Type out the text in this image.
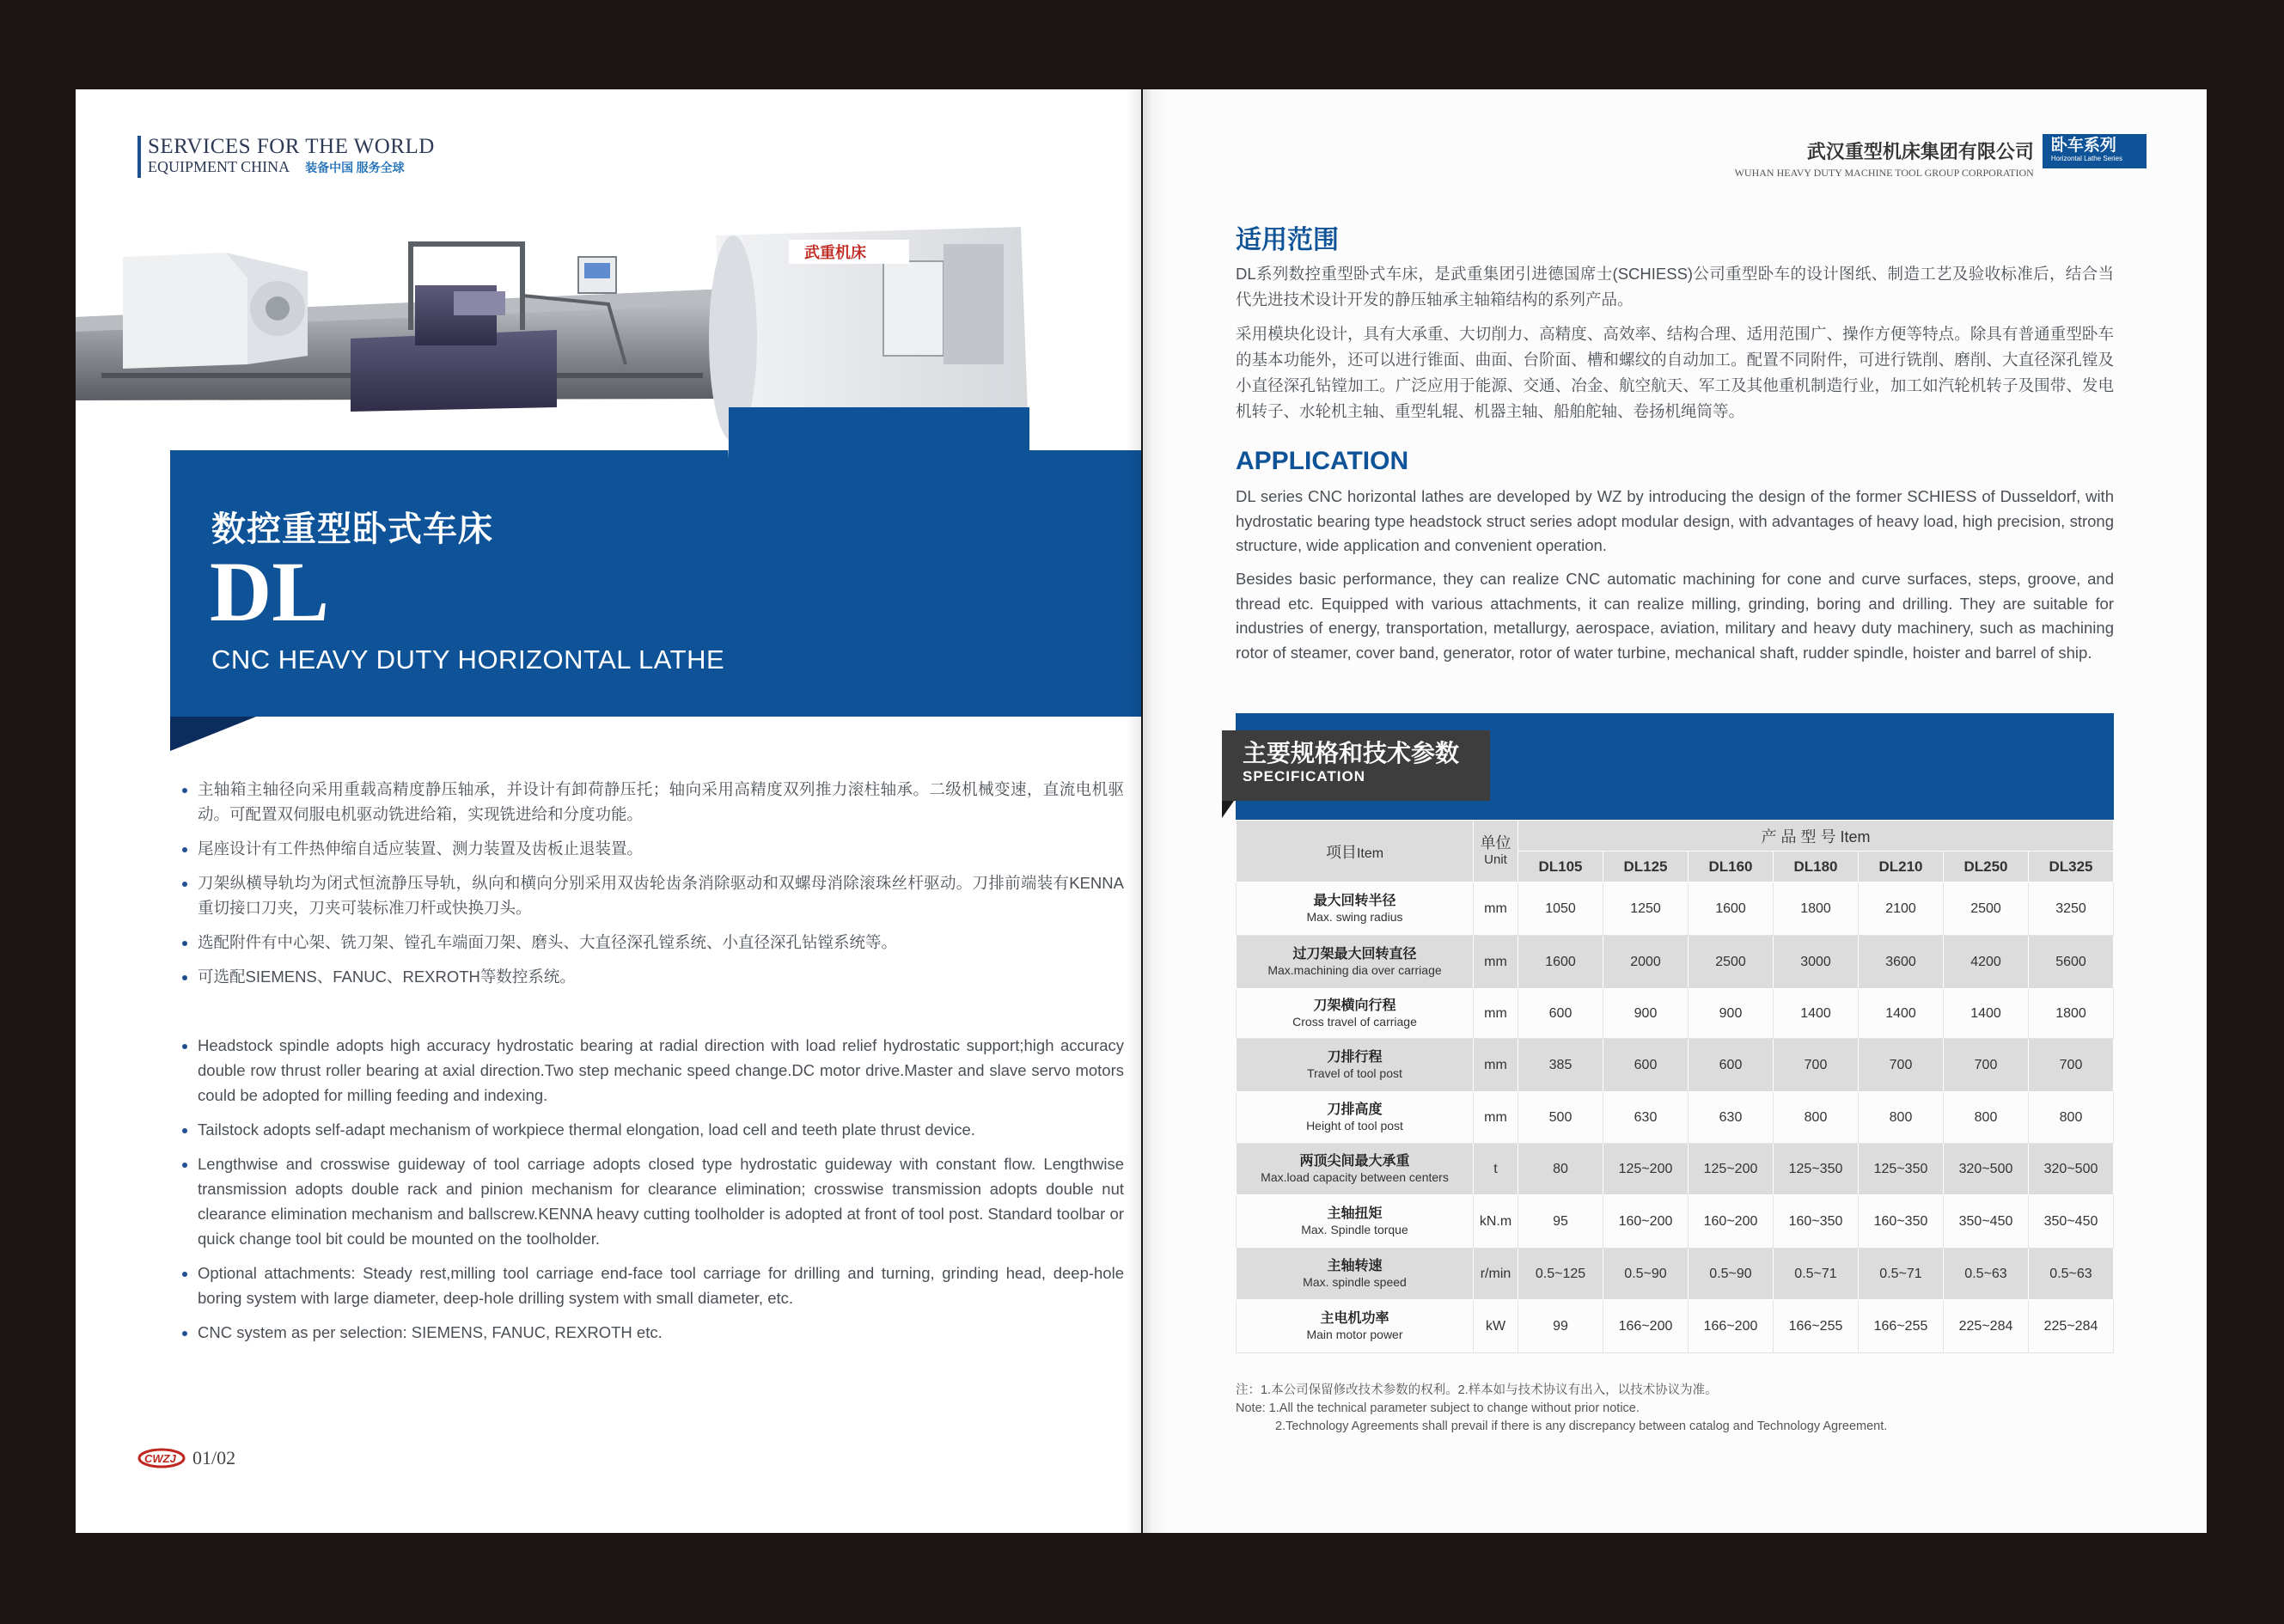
SERVICES FOR THE WORLD
EQUIPMENT CHINA 装备中国 服务全球
武重机床
数控重型卧式车床
DL
CNC HEAVY DUTY HORIZONTAL LATHE
• 主轴箱主轴径向采用重载高精度静压轴承，并设计有卸荷静压托；轴向采用高精度双列推力滚柱轴承。二级机械变速，直流电机驱动。可配置双伺服电机驱动铣进给箱，实现铣进给和分度功能。
• 尾座设计有工件热伸缩自适应装置、测力装置及齿板止退装置。
• 刀架纵横导轨均为闭式恒流静压导轨，纵向和横向分别采用双齿轮齿条消除驱动和双螺母消除滚珠丝杆驱动。刀排前端装有KENNA重切接口刀夹，刀夹可装标准刀杆或快换刀头。
• 选配附件有中心架、铣刀架、镗孔车端面刀架、磨头、大直径深孔镗系统、小直径深孔钻镗系统等。
• 可选配SIEMENS、FANUC、REXROTH等数控系统。
• Headstock spindle adopts high accuracy hydrostatic bearing at radial direction with load relief hydrostatic support;high accuracy double row thrust roller bearing at axial direction.Two step mechanic speed change.DC motor drive.Master and slave servo motors could be adopted for milling feeding and indexing.
• Tailstock adopts self-adapt mechanism of workpiece thermal elongation, load cell and teeth plate thrust device.
• Lengthwise and crosswise guideway of tool carriage adopts closed type hydrostatic guideway with constant flow. Lengthwise transmission adopts double rack and pinion mechanism for clearance elimination; crosswise transmission adopts double nut clearance elimination mechanism and ballscrew.KENNA heavy cutting toolholder is adopted at front of tool post. Standard toolbar or quick change tool bit could be mounted on the toolholder.
• Optional attachments: Steady rest,milling tool carriage end-face tool carriage for drilling and turning, grinding head, deep-hole boring system with large diameter, deep-hole drilling system with small diameter, etc.
• CNC system as per selection: SIEMENS, FANUC, REXROTH etc.
CWZJ 01/02
武汉重型机床集团有限公司
WUHAN HEAVY DUTY MACHINE TOOL GROUP CORPORATION
卧车系列
Horizontal Lathe Series
适用范围
DL系列数控重型卧式车床，是武重集团引进德国席士(SCHIESS)公司重型卧车的设计图纸、制造工艺及验收标准后，结合当代先进技术设计开发的静压轴承主轴箱结构的系列产品。
采用模块化设计，具有大承重、大切削力、高精度、高效率、结构合理、适用范围广、操作方便等特点。除具有普通重型卧车的基本功能外，还可以进行锥面、曲面、台阶面、槽和螺纹的自动加工。配置不同附件，可进行铣削、磨削、大直径深孔镗及小直径深孔钻镗加工。广泛应用于能源、交通、冶金、航空航天、军工及其他重机制造行业，加工如汽轮机转子及围带、发电机转子、水轮机主轴、重型轧辊、机器主轴、船舶舵轴、卷扬机绳筒等。
APPLICATION
DL series CNC horizontal lathes are developed by WZ by introducing the design of the former SCHIESS of Dusseldorf, with hydrostatic bearing type headstock struct series adopt modular design, with advantages of heavy load, high precision, strong structure, wide application and convenient operation.
Besides basic performance, they can realize CNC automatic machining for cone and curve surfaces, steps, groove, and thread etc. Equipped with various attachments, it can realize milling, grinding, boring and drilling. They are suitable for industries of energy, transportation, metallurgy, aerospace, aviation, military and heavy duty machinery, such as machining rotor of steamer, cover band, generator, rotor of water turbine, mechanical shaft, rudder spindle, hoister and barrel of ship.
主要规格和技术参数
SPECIFICATION
项目Item	单位
Unit	产 品 型 号 Item						
		DL105	DL125	DL160	DL180	DL210	DL250	DL325

最大回转半径
Max. swing radius	mm	1050	1250	1600	1800	2100	2500	3250

过刀架最大回转直径
Max.machining dia over carriage	mm	1600	2000	2500	3000	3600	4200	5600

刀架横向行程
Cross travel of carriage	mm	600	900	900	1400	1400	1400	1800

刀排行程
Travel of tool post	mm	385	600	600	700	700	700	700

刀排高度
Height of tool post	mm	500	630	630	800	800	800	800

两顶尖间最大承重
Max.load capacity between centers	t	80	125~200	125~200	125~350	125~350	320~500	320~500

主轴扭矩
Max. Spindle torque	kN.m	95	160~200	160~200	160~350	160~350	350~450	350~450

主轴转速
Max. spindle speed	r/min	0.5~125	0.5~90	0.5~90	0.5~71	0.5~71	0.5~63	0.5~63

主电机功率
Main motor power	kW	99	166~200	166~200	166~255	166~255	225~284	225~284
注：1.本公司保留修改技术参数的权利。2.样本如与技术协议有出入，以技术协议为准。
Note: 1.All the technical parameter subject to change without prior notice.
2.Technology Agreements shall prevail if there is any discrepancy between catalog and Technology Agreement.
